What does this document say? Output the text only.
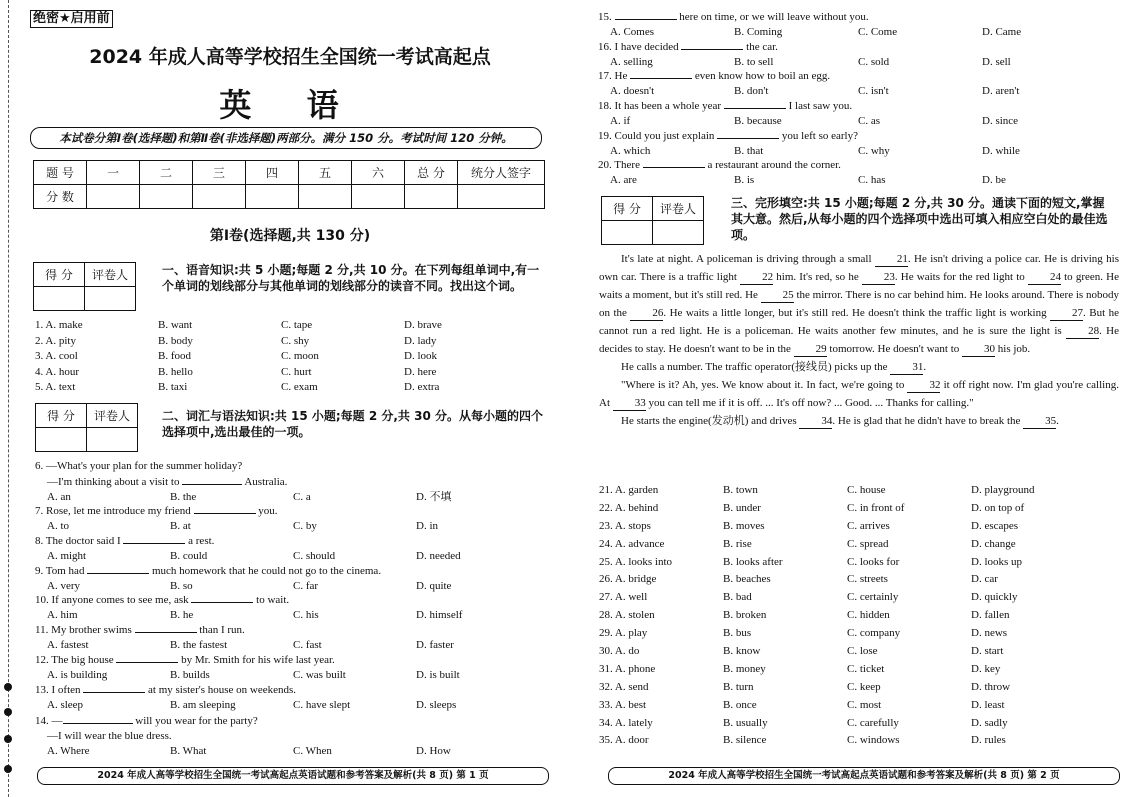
绝密★启用前
2024 年成人高等学校招生全国统一考试高起点
英 语
本试卷分第Ⅰ卷(选择题)和第Ⅱ卷(非选择题)两部分。满分 150 分。考试时间 120 分钟。
题 号	一	二	三	四	五	六	总 分	统分人签字
分 数								
第Ⅰ卷(选择题,共 130 分)
得 分	评卷人
		一、语音知识:共 5 小题;每题 2 分,共 10 分。在下列每组单词中,有一个单词的划线部分与其他单词的划线部分的读音不同。找出这个词。
1. A. make	B. want	C. tape	D. brave
2. A. pity	B. body	C. shy	D. lady
3. A. cool	B. food	C. moon	D. look
4. A. hour	B. hello	C. hurt	D. here
5. A. text	B. taxi	C. exam	D. extra
得 分	评卷人
		二、词汇与语法知识:共 15 小题;每题 2 分,共 30 分。从每小题的四个选择项中,选出最佳的一项。
6. —What's your plan for the summer holiday?
—I'm thinking about a visit to	Australia.
A. an	B. the	C. a	D. 不填
7. Rose, let me introduce my friend	you.
A. to	B. at	C. by	D. in
8. The doctor said I	a rest.
A. might	B. could	C. should	D. needed
9. Tom had	much homework that he could not go to the cinema.
A. very	B. so	C. far	D. quite
10. If anyone comes to see me, ask	to wait.
A. him	B. he	C. his	D. himself
11. My brother swims	than I run.
A. fastest	B. the fastest	C. fast	D. faster
12. The big house	by Mr. Smith for his wife last year.
A. is building	B. builds	C. was built	D. is built
13. I often	at my sister's house on weekends.
A. sleep	B. am sleeping	C. have slept	D. sleeps
14. —	will you wear for the party?
—I will wear the blue dress.
A. Where	B. What	C. When	D. How
2024 年成人高等学校招生全国统一考试高起点英语试题和参考答案及解析(共 8 页) 第 1 页
15.	here on time, or we will leave without you.
A. Comes	B. Coming	C. Come	D. Came
16. I have decided	the car.
A. selling	B. to sell	C. sold	D. sell
17. He	even know how to boil an egg.
A. doesn't	B. don't	C. isn't	D. aren't
18. It has been a whole year	I last saw you.
A. if	B. because	C. as	D. since
19. Could you just explain	you left so early?
A. which	B. that	C. why	D. while
20. There	a restaurant around the corner.
A. are	B. is	C. has	D. be
得 分	评卷人
		三、完形填空:共 15 小题;每题 2 分,共 30 分。通读下面的短文,掌握其大意。然后,从每小题的四个选择项中选出可填入相应空白处的最佳选项。

It's late at night. A policeman is driving through a small 21. He isn't driving a police car. He is driving his own car. There is a traffic light 22 him. It's red, so he 23. He waits for the red light to 24 to green. He waits a moment, but it's still red. He 25 the mirror. There is no car behind him. He looks around. There is nobody on the 26. He waits a little longer, but it's still red. He doesn't think the traffic light is working 27. But he cannot run a red light. He is a policeman. He waits another few minutes, and he is sure the light is 28. He decides to stay. He doesn't want to be in the 29 tomorrow. He doesn't want to 30 his job.

He calls a number. The traffic operator(接线员) picks up the 31.

"Where is it? Ah, yes. We know about it. In fact, we're going to 32 it off right now. I'm glad you're calling. At 33 you can tell me if it is off. ... It's off now? ... Good. ... Thanks for calling."

He starts the engine(发动机) and drives 34. He is glad that he didn't have to break the 35.

21. A. garden	B. town	C. house	D. playground
22. A. behind	B. under	C. in front of	D. on top of
23. A. stops	B. moves	C. arrives	D. escapes
24. A. advance	B. rise	C. spread	D. change
25. A. looks into	B. looks after	C. looks for	D. looks up
26. A. bridge	B. beaches	C. streets	D. car
27. A. well	B. bad	C. certainly	D. quickly
28. A. stolen	B. broken	C. hidden	D. fallen
29. A. play	B. bus	C. company	D. news
30. A. do	B. know	C. lose	D. start
31. A. phone	B. money	C. ticket	D. key
32. A. send	B. turn	C. keep	D. throw
33. A. best	B. once	C. most	D. least
34. A. lately	B. usually	C. carefully	D. sadly
35. A. door	B. silence	C. windows	D. rules
2024 年成人高等学校招生全国统一考试高起点英语试题和参考答案及解析(共 8 页) 第 2 页
